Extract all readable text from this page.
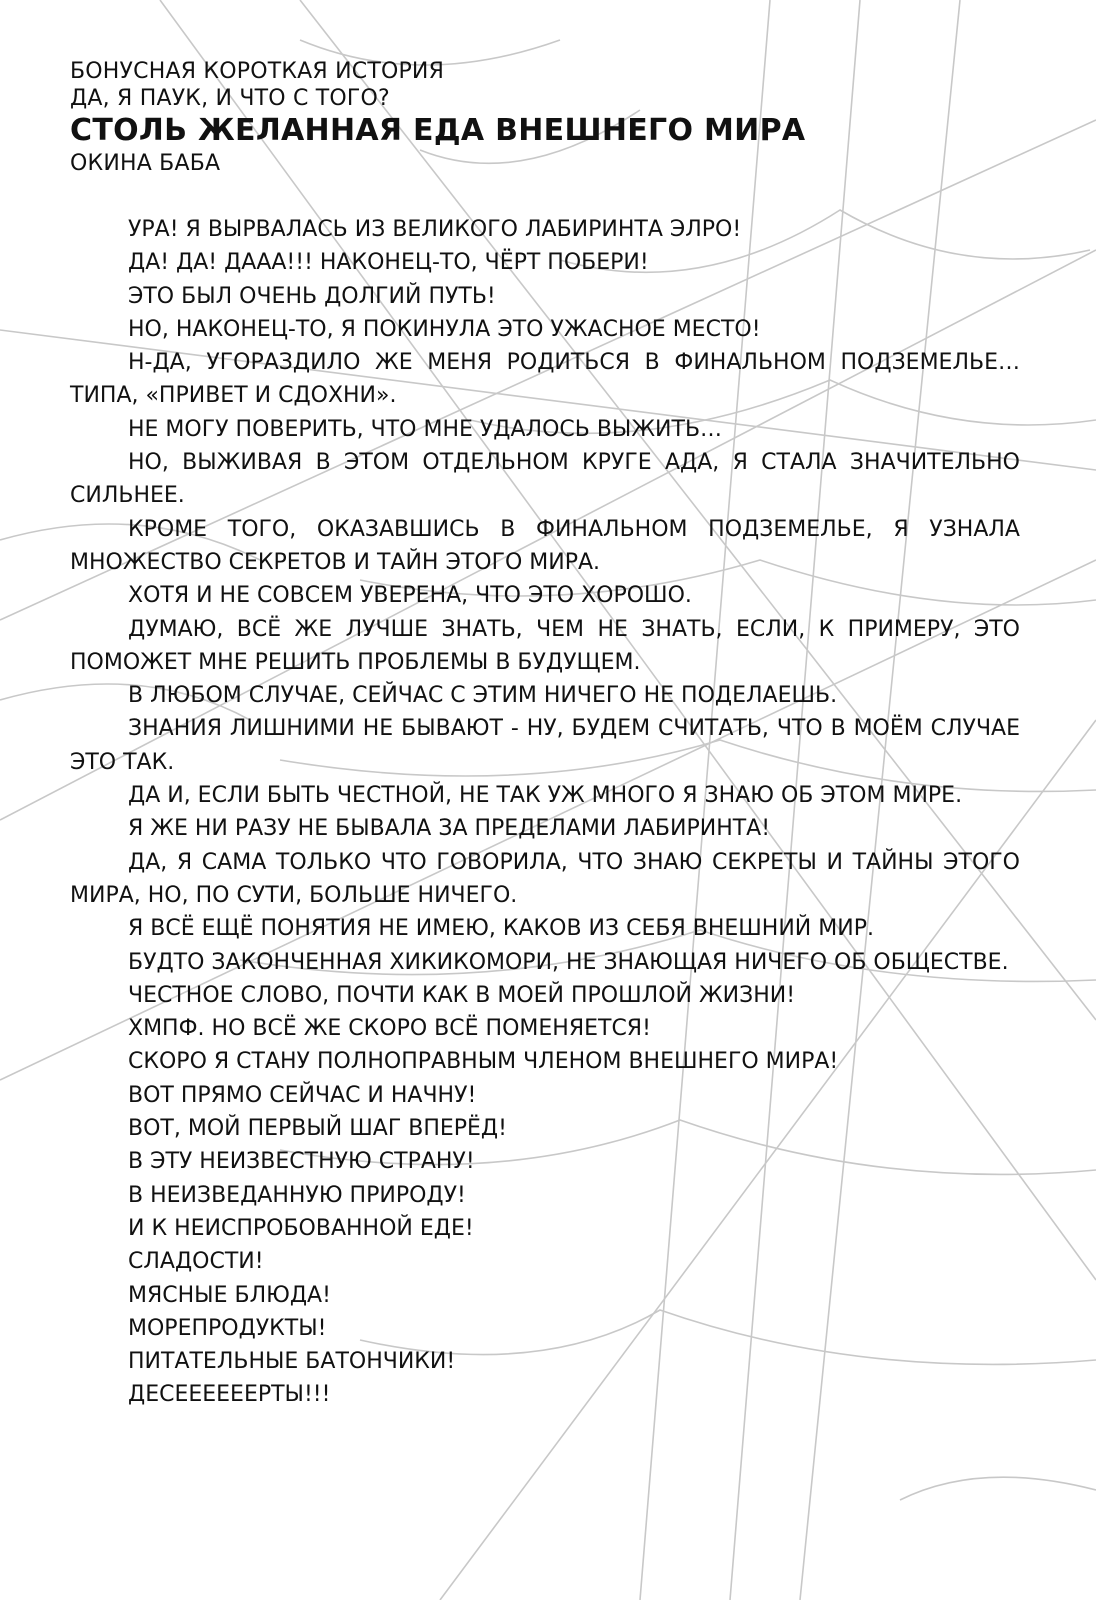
БОНУСНАЯ КОРОТКАЯ ИСТОРИЯ
ДА, Я ПАУК, И ЧТО С ТОГО?
СТОЛЬ ЖЕЛАННАЯ ЕДА ВНЕШНЕГО МИРА
ОКИНА БАБА

УРА! Я ВЫРВАЛАСЬ ИЗ ВЕЛИКОГО ЛАБИРИНТА ЭЛРО!

ДА! ДА! ДААА!!! НАКОНЕЦ-ТО, ЧЁРТ ПОБЕРИ!

ЭТО БЫЛ ОЧЕНЬ ДОЛГИЙ ПУТЬ!

НО, НАКОНЕЦ-ТО, Я ПОКИНУЛА ЭТО УЖАСНОЕ МЕСТО!

Н-ДА, УГОРАЗДИЛО ЖЕ МЕНЯ РОДИТЬСЯ В ФИНАЛЬНОМ ПОДЗЕМЕЛЬЕ… ТИПА, «ПРИВЕТ И СДОХНИ».

НЕ МОГУ ПОВЕРИТЬ, ЧТО МНЕ УДАЛОСЬ ВЫЖИТЬ…

НО, ВЫЖИВАЯ В ЭТОМ ОТДЕЛЬНОМ КРУГЕ АДА, Я СТАЛА ЗНАЧИТЕЛЬНО СИЛЬНЕЕ.

КРОМЕ ТОГО, ОКАЗАВШИСЬ В ФИНАЛЬНОМ ПОДЗЕМЕЛЬЕ, Я УЗНАЛА МНОЖЕСТВО СЕКРЕТОВ И ТАЙН ЭТОГО МИРА.

ХОТЯ И НЕ СОВСЕМ УВЕРЕНА, ЧТО ЭТО ХОРОШО.

ДУМАЮ, ВСЁ ЖЕ ЛУЧШЕ ЗНАТЬ, ЧЕМ НЕ ЗНАТЬ, ЕСЛИ, К ПРИМЕРУ, ЭТО ПОМОЖЕТ МНЕ РЕШИТЬ ПРОБЛЕМЫ В БУДУЩЕМ.

В ЛЮБОМ СЛУЧАЕ, СЕЙЧАС С ЭТИМ НИЧЕГО НЕ ПОДЕЛАЕШЬ.

ЗНАНИЯ ЛИШНИМИ НЕ БЫВАЮТ - НУ, БУДЕМ СЧИТАТЬ, ЧТО В МОЁМ СЛУЧАЕ ЭТО ТАК.

ДА И, ЕСЛИ БЫТЬ ЧЕСТНОЙ, НЕ ТАК УЖ МНОГО Я ЗНАЮ ОБ ЭТОМ МИРЕ.

Я ЖЕ НИ РАЗУ НЕ БЫВАЛА ЗА ПРЕДЕЛАМИ ЛАБИРИНТА!

ДА, Я САМА ТОЛЬКО ЧТО ГОВОРИЛА, ЧТО ЗНАЮ СЕКРЕТЫ И ТАЙНЫ ЭТОГО МИРА, НО, ПО СУТИ, БОЛЬШЕ НИЧЕГО.

Я ВСЁ ЕЩЁ ПОНЯТИЯ НЕ ИМЕЮ, КАКОВ ИЗ СЕБЯ ВНЕШНИЙ МИР.

БУДТО ЗАКОНЧЕННАЯ ХИКИКОМОРИ, НЕ ЗНАЮЩАЯ НИЧЕГО ОБ ОБЩЕСТВЕ.

ЧЕСТНОЕ СЛОВО, ПОЧТИ КАК В МОЕЙ ПРОШЛОЙ ЖИЗНИ!

ХМПФ. НО ВСЁ ЖЕ СКОРО ВСЁ ПОМЕНЯЕТСЯ!

СКОРО Я СТАНУ ПОЛНОПРАВНЫМ ЧЛЕНОМ ВНЕШНЕГО МИРА!

ВОТ ПРЯМО СЕЙЧАС И НАЧНУ!

ВОТ, МОЙ ПЕРВЫЙ ШАГ ВПЕРЁД!

В ЭТУ НЕИЗВЕСТНУЮ СТРАНУ!

В НЕИЗВЕДАННУЮ ПРИРОДУ!

И К НЕИСПРОБОВАННОЙ ЕДЕ!

СЛАДОСТИ!

МЯСНЫЕ БЛЮДА!

МОРЕПРОДУКТЫ!

ПИТАТЕЛЬНЫЕ БАТОНЧИКИ!

ДЕСЕЕЕЕЕЕРТЫ!!!
